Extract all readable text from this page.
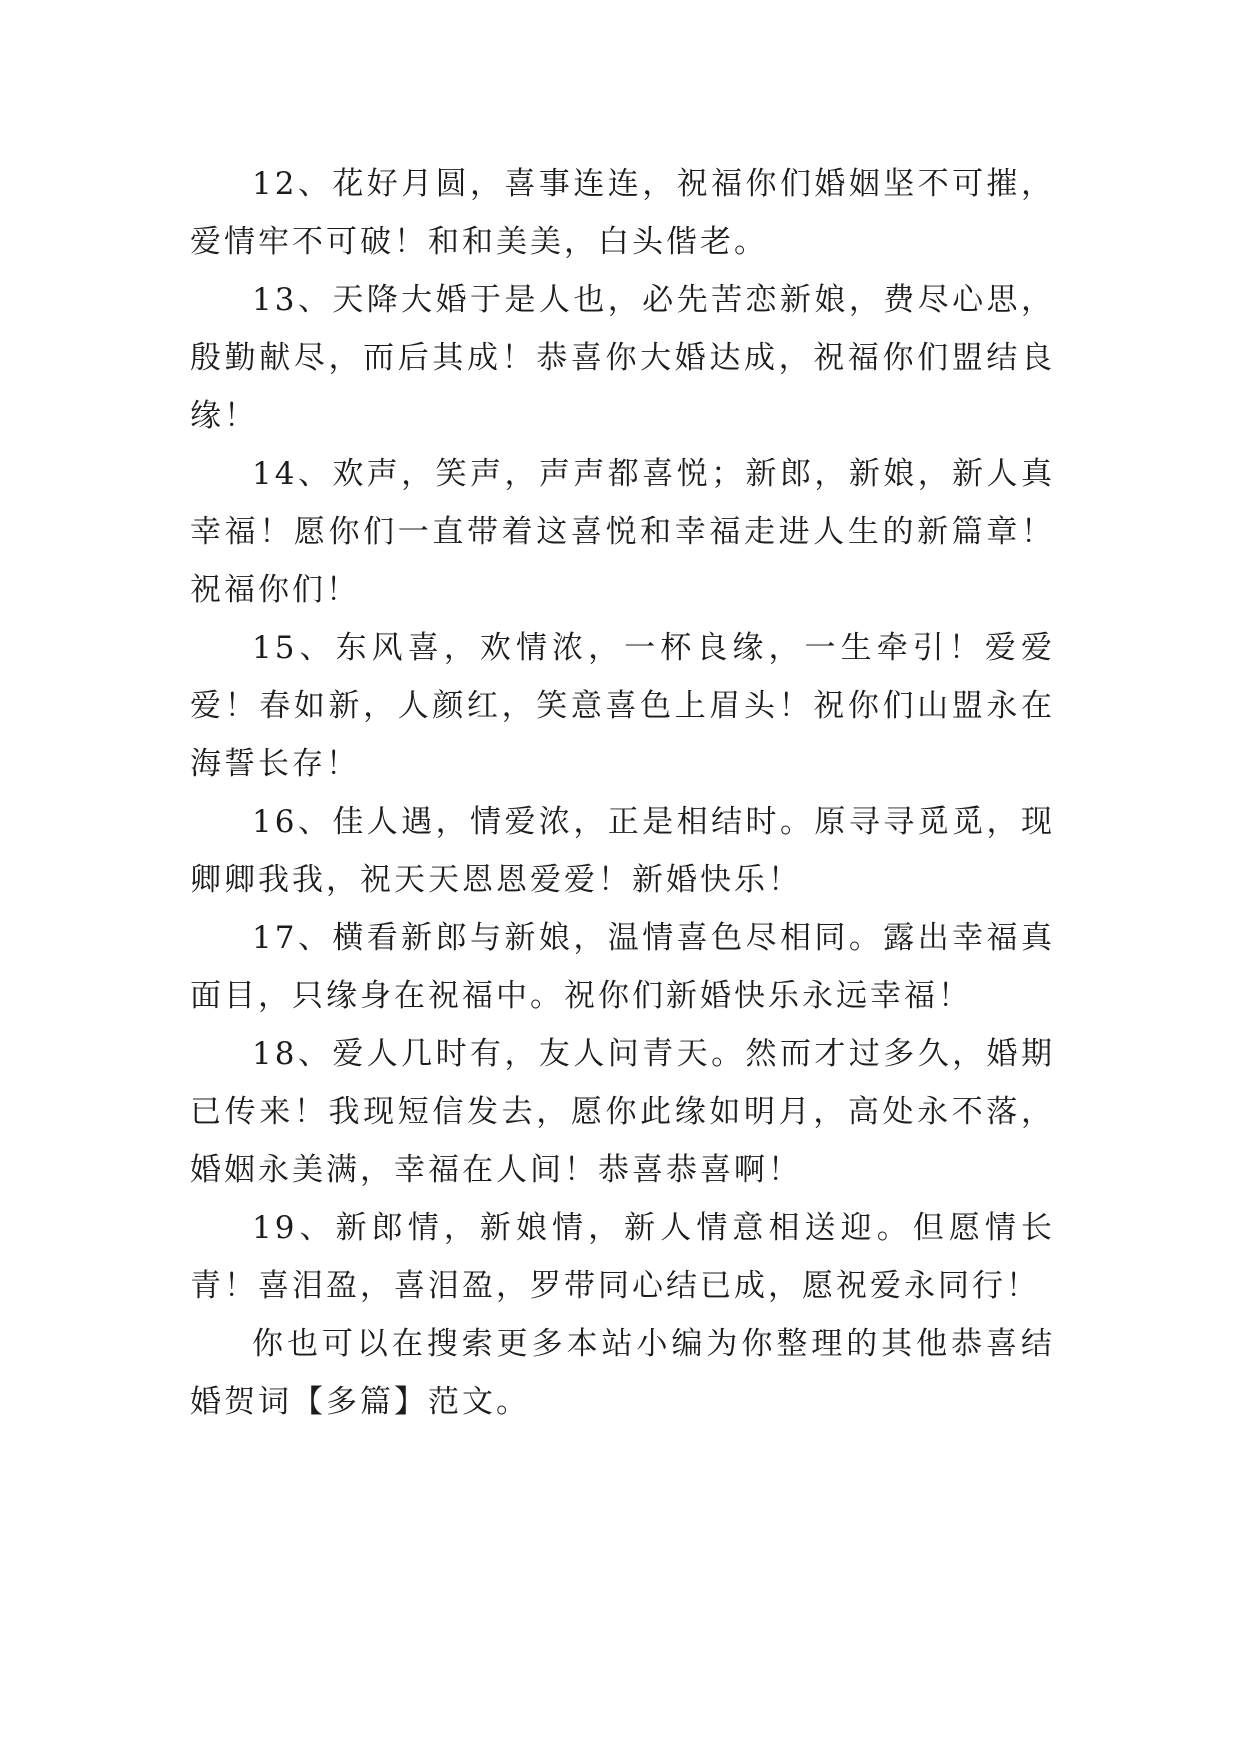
12、花好月圆，喜事连连，祝福你们婚姻坚不可摧，爱情牢不可破！和和美美，白头偕老。

13、天降大婚于是人也，必先苦恋新娘，费尽心思，殷勤献尽，而后其成！恭喜你大婚达成，祝福你们盟结良缘！

14、欢声，笑声，声声都喜悦；新郎，新娘，新人真幸福！愿你们一直带着这喜悦和幸福走进人生的新篇章！祝福你们！

15、东风喜，欢情浓，一杯良缘，一生牵引！爱爱爱！春如新，人颜红，笑意喜色上眉头！祝你们山盟永在海誓长存！

16、佳人遇，情爱浓，正是相结时。原寻寻觅觅，现卿卿我我，祝天天恩恩爱爱！新婚快乐！

17、横看新郎与新娘，温情喜色尽相同。露出幸福真面目，只缘身在祝福中。祝你们新婚快乐永远幸福！

18、爱人几时有，友人问青天。然而才过多久，婚期已传来！我现短信发去，愿你此缘如明月，高处永不落，婚姻永美满，幸福在人间！恭喜恭喜啊！

19、新郎情，新娘情，新人情意相送迎。但愿情长青！喜泪盈，喜泪盈，罗带同心结已成，愿祝爱永同行！

你也可以在搜索更多本站小编为你整理的其他恭喜结婚贺词【多篇】范文。
